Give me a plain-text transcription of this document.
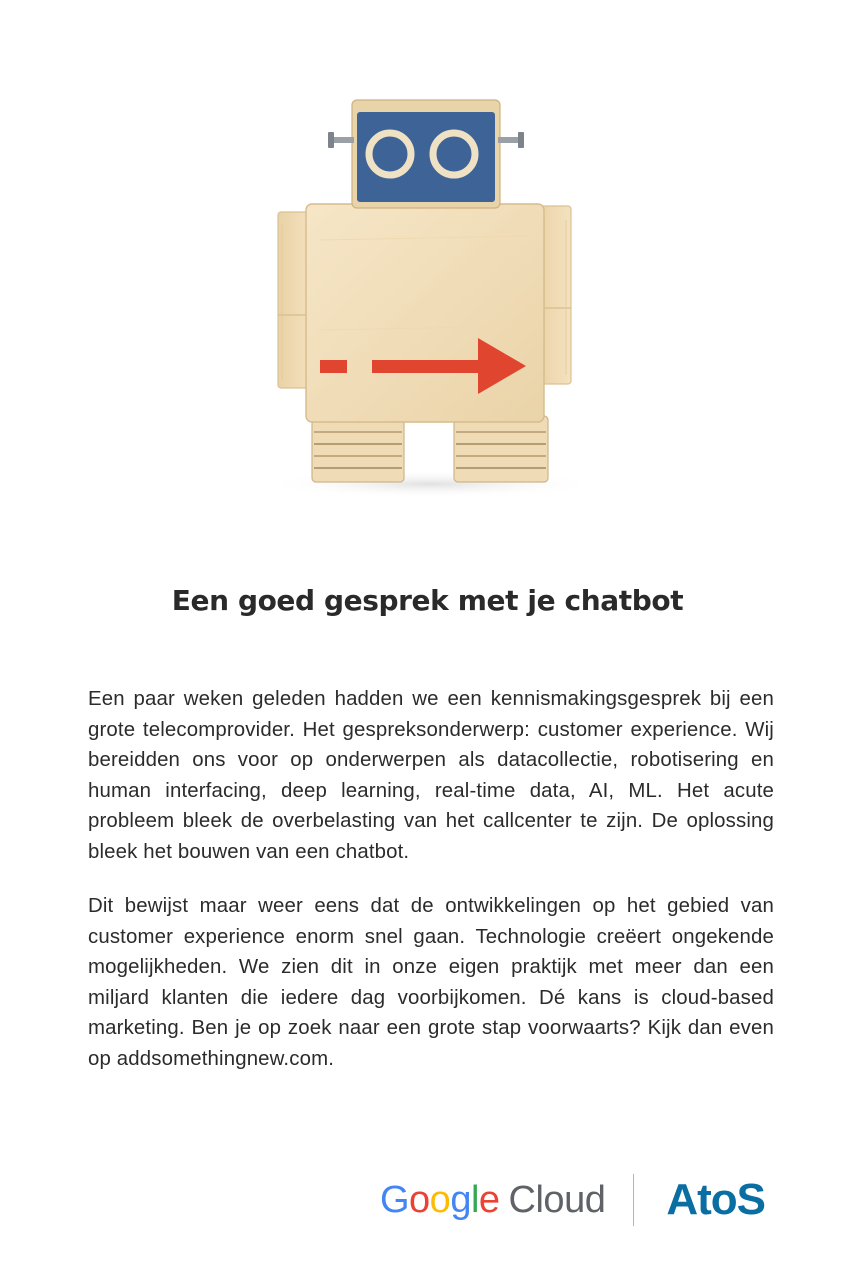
Een goed gesprek met je chatbot

Een paar weken geleden hadden we een kennismakingsgesprek bij een grote telecomprovider. Het gespreksonderwerp: customer experience. Wij bereidden ons voor op onderwerpen als datacollectie, robotisering en human interfacing, deep learning, real-time data, AI, ML. Het acute probleem bleek de overbelasting van het callcenter te zijn. De oplossing bleek het bouwen van een chatbot.

Dit bewijst maar weer eens dat de ontwikkelingen op het gebied van customer experience enorm snel gaan. Technologie creëert ongekende mogelijkheden. We zien dit in onze eigen praktijk met meer dan een miljard klanten die iedere dag voorbijkomen. Dé kans is cloud-based marketing. Ben je op zoek naar een grote stap voorwaarts? Kijk dan even op addsomethingnew.com.

G o o g l e Cloud AtoS
